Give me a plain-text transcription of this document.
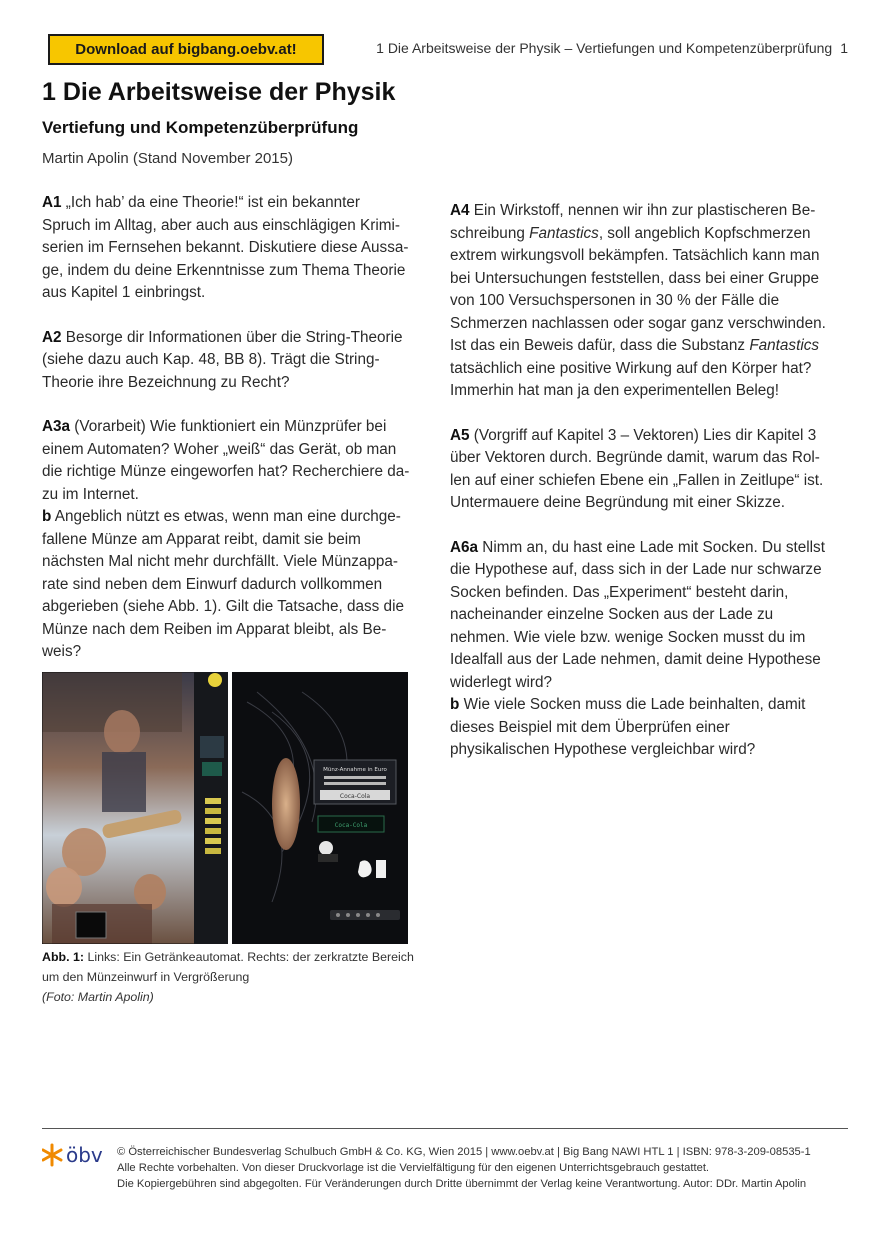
Download auf bigbang.oebv.at!	1 Die Arbeitsweise der Physik – Vertiefungen und Kompetenzüberprüfung 1
1 Die Arbeitsweise der Physik
Vertiefung und Kompetenzüberprüfung
Martin Apolin (Stand November 2015)

A1 „Ich hab’ da eine Theorie!“ ist ein bekannter Spruch im Alltag, aber auch aus einschlägigen Krimiserien im Fernsehen bekannt. Diskutiere diese Aussage, indem du deine Erkenntnisse zum Thema Theorie aus Kapitel 1 einbringst.

A2 Besorge dir Informationen über die String-Theorie (siehe dazu auch Kap. 48, BB 8). Trägt die String-Theorie ihre Bezeichnung zu Recht?

A3a (Vorarbeit) Wie funktioniert ein Münzprüfer bei einem Automaten? Woher „weiß“ das Gerät, ob man die richtige Münze eingeworfen hat? Recherchiere dazu im Internet.

b Angeblich nützt es etwas, wenn man eine durchgefallene Münze am Apparat reibt, damit sie beim nächsten Mal nicht mehr durchfällt. Viele Münzapparate sind neben dem Einwurf dadurch vollkommen abgerieben (siehe Abb. 1). Gilt die Tatsache, dass die Münze nach dem Reiben im Apparat bleibt, als Beweis?

Münz-Annahme in Euro
Coca-Cola
Coca-Cola
Abb. 1: Links: Ein Getränkeautomat. Rechts: der zerkratzte Bereich um den Münzeinwurf in Vergrößerung
(Foto: Martin Apolin)

A4 Ein Wirkstoff, nennen wir ihn zur plastischeren Beschreibung Fantastics, soll angeblich Kopfschmerzen extrem wirkungsvoll bekämpfen. Tatsächlich kann man bei Untersuchungen feststellen, dass bei einer Gruppe von 100 Versuchspersonen in 30 % der Fälle die Schmerzen nachlassen oder sogar ganz verschwinden. Ist das ein Beweis dafür, dass die Substanz Fantastics tatsächlich eine positive Wirkung auf den Körper hat? Immerhin hat man ja den experimentellen Beleg!

A5 (Vorgriff auf Kapitel 3 – Vektoren) Lies dir Kapitel 3 über Vektoren durch. Begründe damit, warum das Rollen auf einer schiefen Ebene ein „Fallen in Zeitlupe“ ist. Untermauere deine Begründung mit einer Skizze.

A6a Nimm an, du hast eine Lade mit Socken. Du stellst die Hypothese auf, dass sich in der Lade nur schwarze Socken befinden. Das „Experiment“ besteht darin, nacheinander einzelne Socken aus der Lade zu nehmen. Wie viele bzw. wenige Socken musst du im Idealfall aus der Lade nehmen, damit deine Hypothese widerlegt wird?

b Wie viele Socken muss die Lade beinhalten, damit dieses Beispiel mit dem Überprüfen einer physikalischen Hypothese vergleichbar wird?

öbv © Österreichischer Bundesverlag Schulbuch GmbH & Co. KG, Wien 2015 | www.oebv.at | Big Bang NAWI HTL 1 | ISBN: 978-3-209-08535-1
Alle Rechte vorbehalten. Von dieser Druckvorlage ist die Vervielfältigung für den eigenen Unterrichtsgebrauch gestattet.
Die Kopiergebühren sind abgegolten. Für Veränderungen durch Dritte übernimmt der Verlag keine Verantwortung. Autor: DDr. Martin Apolin
